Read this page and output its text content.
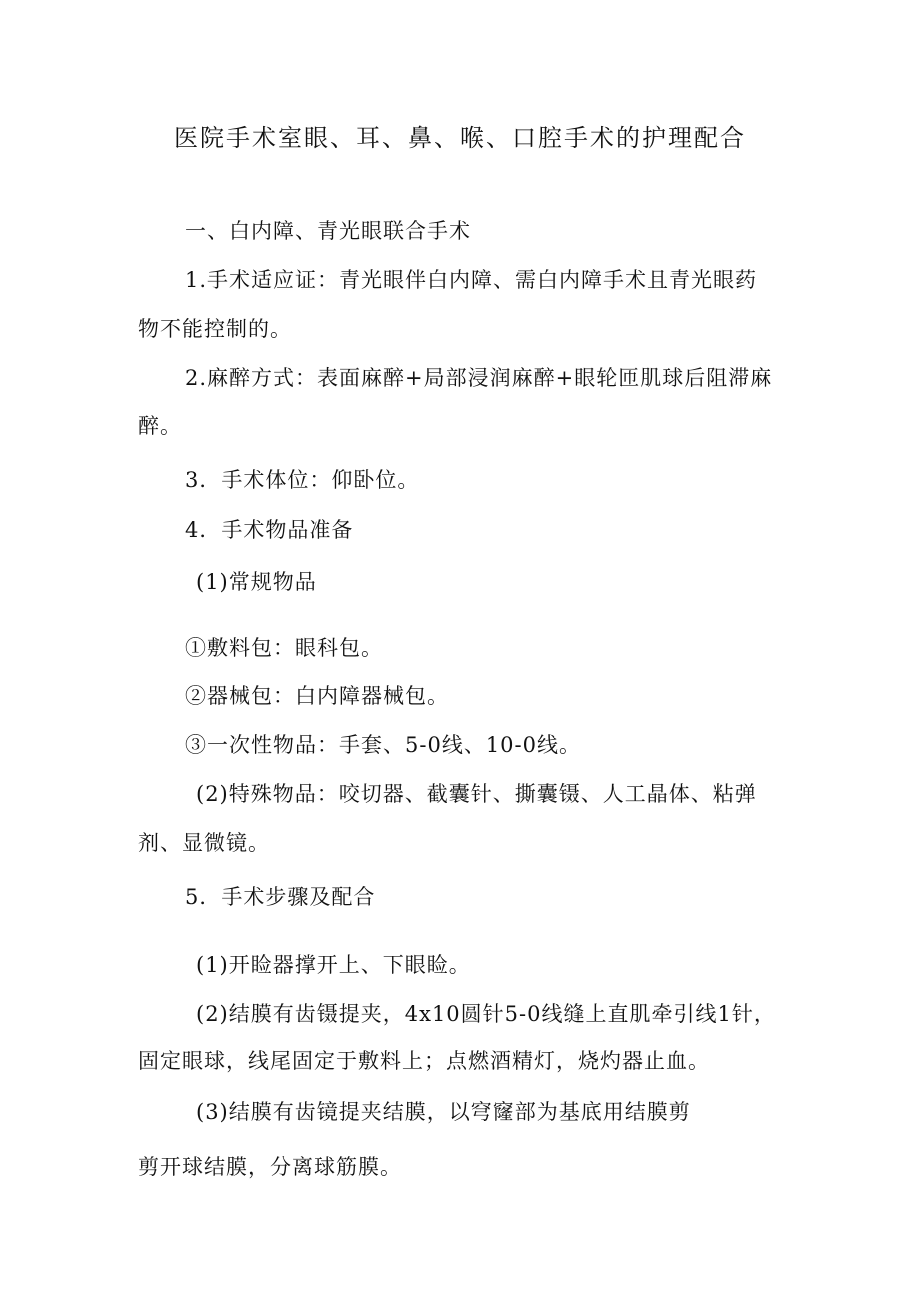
医院手术室眼、耳、鼻、喉、口腔手术的护理配合
一、白内障、青光眼联合手术
1.手术适应证：青光眼伴白内障、需白内障手术且青光眼药
物不能控制的。
2.麻醉方式：表面麻醉+局部浸润麻醉+眼轮匝肌球后阻滞麻
醉。
3．手术体位：仰卧位。
4．手术物品准备
(1)常规物品
①敷料包：眼科包。
②器械包：白内障器械包。
③一次性物品：手套、5-0线、10-0线。
(2)特殊物品：咬切器、截囊针、撕囊镊、人工晶体、粘弹
剂、显微镜。
5．手术步骤及配合
(1)开睑器撑开上、下眼睑。
(2)结膜有齿镊提夹，4x10圆针5-0线缝上直肌牵引线1针，
固定眼球，线尾固定于敷料上；点燃酒精灯，烧灼器止血。
(3)结膜有齿镜提夹结膜，以穹窿部为基底用结膜剪
剪开球结膜，分离球筋膜。
